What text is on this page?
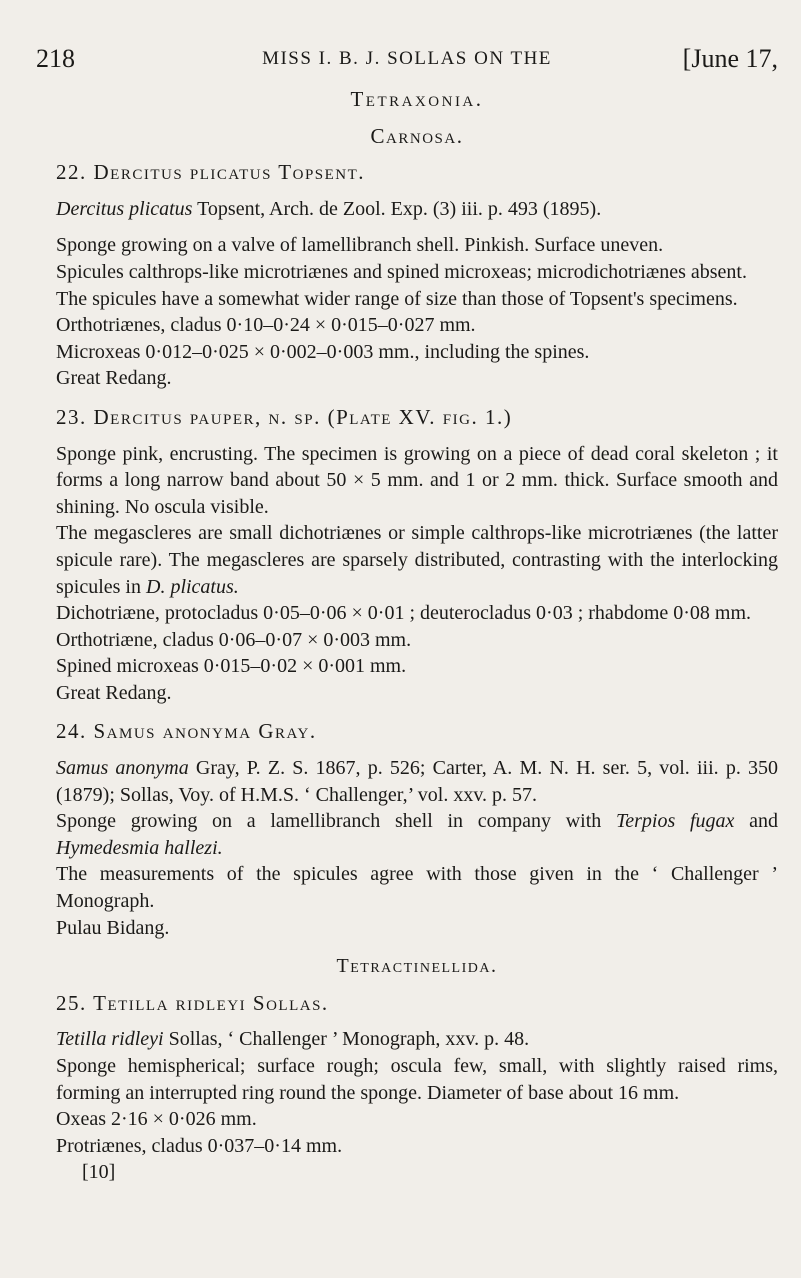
218	MISS I. B. J. SOLLAS ON THE	[June 17,
Tetraxonia.
Carnosa.

22. Dercitus plicatus Topsent.

Dercitus plicatus Topsent, Arch. de Zool. Exp. (3) iii. p. 493 (1895).

Sponge growing on a valve of lamellibranch shell. Pinkish. Surface uneven.

Spicules calthrops-like microtriænes and spined microxeas; microdichotriænes absent.

The spicules have a somewhat wider range of size than those of Topsent's specimens.

Orthotriænes, cladus 0·10–0·24 × 0·015–0·027 mm.

Microxeas 0·012–0·025 × 0·002–0·003 mm., including the spines.

Great Redang.

23. Dercitus pauper, n. sp. (Plate XV. fig. 1.)

Sponge pink, encrusting. The specimen is growing on a piece of dead coral skeleton ; it forms a long narrow band about 50 × 5 mm. and 1 or 2 mm. thick. Surface smooth and shining. No oscula visible.

The megascleres are small dichotriænes or simple calthrops-like microtriænes (the latter spicule rare). The megascleres are sparsely distributed, contrasting with the interlocking spicules in D. plicatus.

Dichotriæne, protocladus 0·05–0·06 × 0·01 ; deuterocladus 0·03 ; rhabdome 0·08 mm.

Orthotriæne, cladus 0·06–0·07 × 0·003 mm.

Spined microxeas 0·015–0·02 × 0·001 mm.

Great Redang.

24. Samus anonyma Gray.

Samus anonyma Gray, P. Z. S. 1867, p. 526; Carter, A. M. N. H. ser. 5, vol. iii. p. 350 (1879); Sollas, Voy. of H.M.S. ‘ Challenger,’ vol. xxv. p. 57.

Sponge growing on a lamellibranch shell in company with Terpios fugax and Hymedesmia hallezi.

The measurements of the spicules agree with those given in the ‘ Challenger ’ Monograph.

Pulau Bidang.

Tetractinellida.

25. Tetilla ridleyi Sollas.

Tetilla ridleyi Sollas, ‘ Challenger ’ Monograph, xxv. p. 48.

Sponge hemispherical; surface rough; oscula few, small, with slightly raised rims, forming an interrupted ring round the sponge. Diameter of base about 16 mm.

Oxeas 2·16 × 0·026 mm.

Protriænes, cladus 0·037–0·14 mm.

[10]
